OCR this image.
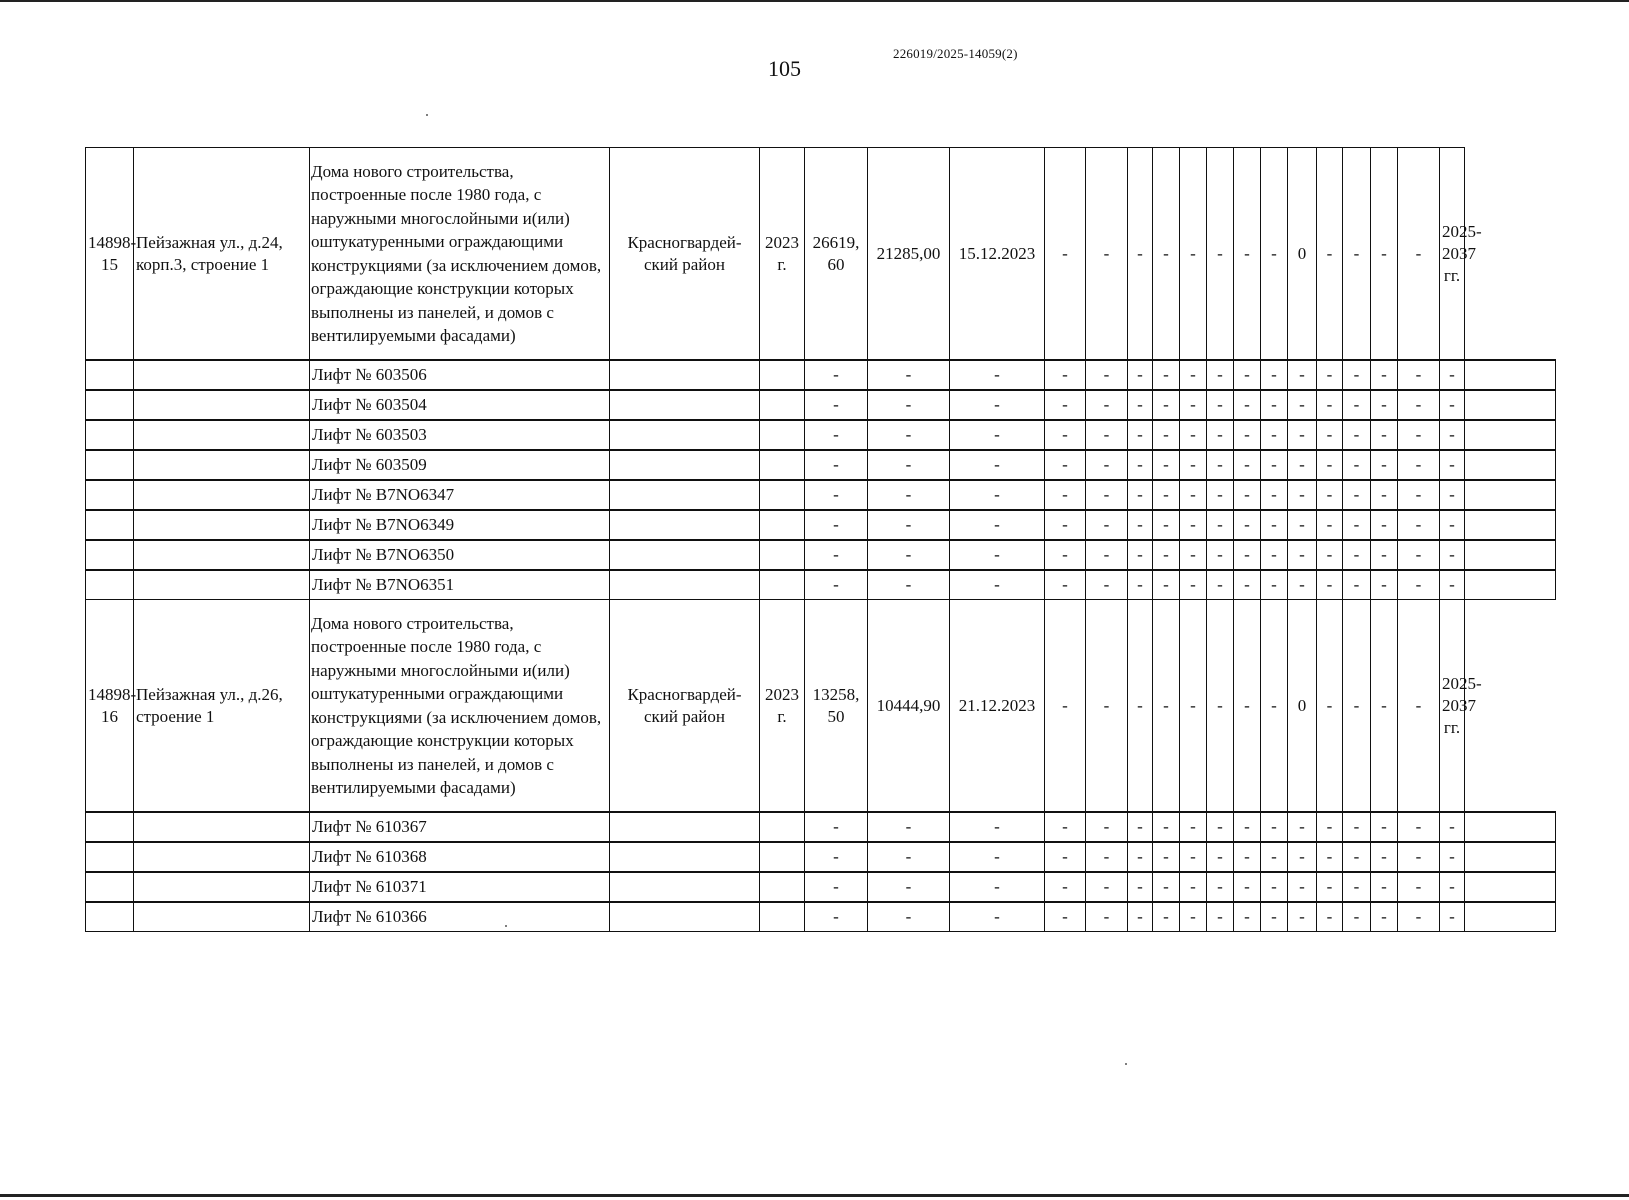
105
226019/2025-14059(2)
14898-15	Пейзажная ул., д.24, корп.3, строение 1	Дома нового строительства, построенные после 1980 года, с наружными многослойными и(или) оштукатуренными ограждающими конструкциями (за исключением домов, ограждающие конструкции которых выполнены из панелей, и домов с вентилируемыми фасадами)	Красногвардей-ский район	2023 г.	26619, 60	21285,00	15.12.2023	-	-	-	-	-	-	-	-	0	-	-	-	-	2025-2037 гг.	
		Лифт № 603506			-	-	-	-	-	-	-	-	-	-	-	-	-	-	-	-	-	
		Лифт № 603504			-	-	-	-	-	-	-	-	-	-	-	-	-	-	-	-	-	
		Лифт № 603503			-	-	-	-	-	-	-	-	-	-	-	-	-	-	-	-	-	
		Лифт № 603509			-	-	-	-	-	-	-	-	-	-	-	-	-	-	-	-	-	
		Лифт № B7NO6347			-	-	-	-	-	-	-	-	-	-	-	-	-	-	-	-	-	
		Лифт № B7NO6349			-	-	-	-	-	-	-	-	-	-	-	-	-	-	-	-	-	
		Лифт № B7NO6350			-	-	-	-	-	-	-	-	-	-	-	-	-	-	-	-	-	
		Лифт № B7NO6351			-	-	-	-	-	-	-	-	-	-	-	-	-	-	-	-	-	
14898-16	Пейзажная ул., д.26, строение 1	Дома нового строительства, построенные после 1980 года, с наружными многослойными и(или) оштукатуренными ограждающими конструкциями (за исключением домов, ограждающие конструкции которых выполнены из панелей, и домов с вентилируемыми фасадами)	Красногвардей-ский район	2023 г.	13258, 50	10444,90	21.12.2023	-	-	-	-	-	-	-	-	0	-	-	-	-	2025-2037 гг.	
		Лифт № 610367			-	-	-	-	-	-	-	-	-	-	-	-	-	-	-	-	-	
		Лифт № 610368			-	-	-	-	-	-	-	-	-	-	-	-	-	-	-	-	-	
		Лифт № 610371			-	-	-	-	-	-	-	-	-	-	-	-	-	-	-	-	-	
		Лифт № 610366			-	-	-	-	-	-	-	-	-	-	-	-	-	-	-	-	-	
